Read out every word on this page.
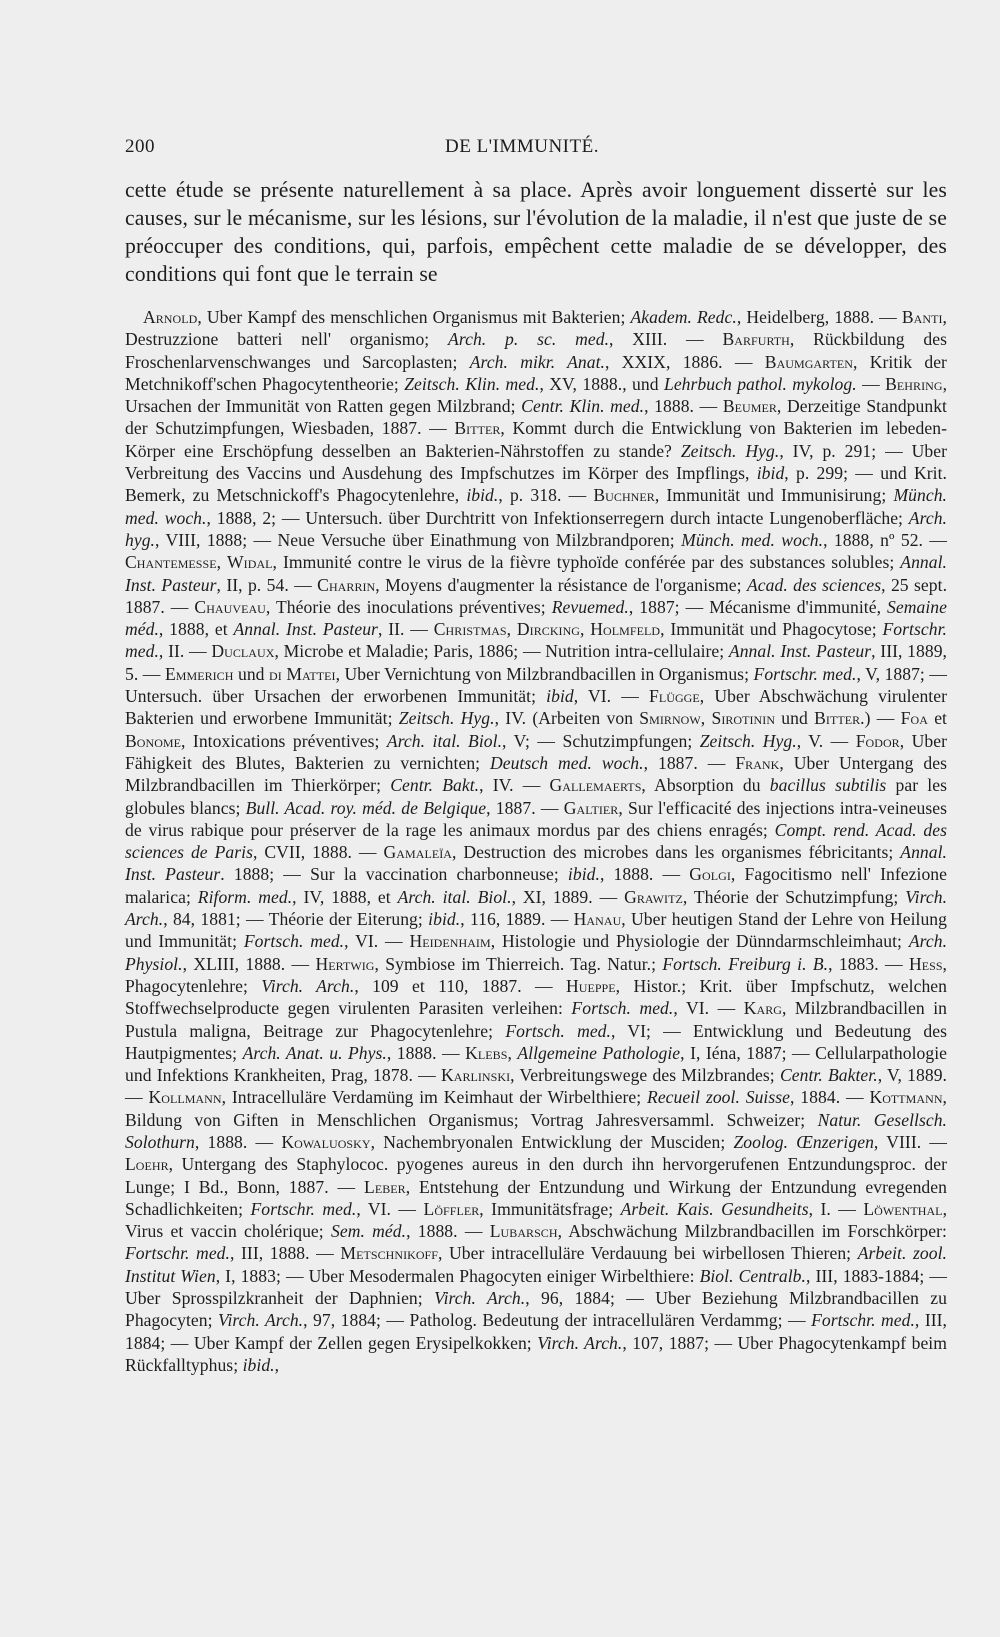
200	DE L'IMMUNITÉ.

cette étude se présente naturellement à sa place. Après avoir longuement dissertė sur les causes, sur le mécanisme, sur les lésions, sur l'évolution de la maladie, il n'est que juste de se préoccuper des conditions, qui, parfois, empêchent cette maladie de se développer, des conditions qui font que le terrain se

Arnold, Uber Kampf des menschlichen Organismus mit Bakterien; Akadem. Redc., Heidelberg, 1888. — Banti, Destruzzione batteri nell' organismo; Arch. p. sc. med., XIII. — Barfurth, Rückbildung des Froschenlarvenschwanges und Sarcoplasten; Arch. mikr. Anat., XXIX, 1886. — Baumgarten, Kritik der Metchnikoff'schen Phagocytentheorie; Zeitsch. Klin. med., XV, 1888., und Lehrbuch pathol. mykolog. — Behring, Ursachen der Immunität von Ratten gegen Milzbrand; Centr. Klin. med., 1888. — Beumer, Derzeitige Standpunkt der Schutzimpfungen, Wiesbaden, 1887. — Bitter, Kommt durch die Entwicklung von Bakterien im lebeden-Körper eine Erschöpfung desselben an Bakterien-Nährstoffen zu stande? Zeitsch. Hyg., IV, p. 291; — Uber Verbreitung des Vaccins und Ausdehung des Impfschutzes im Körper des Impflings, ibid, p. 299; — und Krit. Bemerk, zu Metschnickoff's Phagocytenlehre, ibid., p. 318. — Buchner, Immunität und Immunisirung; Münch. med. woch., 1888, 2; — Untersuch. über Durchtritt von Infektionserregern durch intacte Lungenoberfläche; Arch. hyg., VIII, 1888; — Neue Versuche über Einathmung von Milzbrandporen; Münch. med. woch., 1888, nº 52. — Chantemesse, Widal, Immunité contre le virus de la fièvre typhoïde conférée par des substances solubles; Annal. Inst. Pasteur, II, p. 54. — Charrin, Moyens d'augmenter la résistance de l'organisme; Acad. des sciences, 25 sept. 1887. — Chauveau, Théorie des inoculations préventives; Revuemed., 1887; — Mécanisme d'immunité, Semaine méd., 1888, et Annal. Inst. Pasteur, II. — Christmas, Dircking, Holmfeld, Immunität und Phagocytose; Fortschr. med., II. — Duclaux, Microbe et Maladie; Paris, 1886; — Nutrition intra-cellulaire; Annal. Inst. Pasteur, III, 1889, 5. — Emmerich und di Mattei, Uber Vernichtung von Milzbrandbacillen in Organismus; Fortschr. med., V, 1887; — Untersuch. über Ursachen der erworbenen Immunität; ibid, VI. — Flügge, Uber Abschwächung virulenter Bakterien und erworbene Immunität; Zeitsch. Hyg., IV. (Arbeiten von Smirnow, Sirotinin und Bitter.) — Foa et Bonome, Intoxications préventives; Arch. ital. Biol., V; — Schutzimpfungen; Zeitsch. Hyg., V. — Fodor, Uber Fähigkeit des Blutes, Bakterien zu vernichten; Deutsch med. woch., 1887. — Frank, Uber Untergang des Milzbrandbacillen im Thierkörper; Centr. Bakt., IV. — Gallemaerts, Absorption du bacillus subtilis par les globules blancs; Bull. Acad. roy. méd. de Belgique, 1887. — Galtier, Sur l'efficacité des injections intra-veineuses de virus rabique pour préserver de la rage les animaux mordus par des chiens enragés; Compt. rend. Acad. des sciences de Paris, CVII, 1888. — Gamaleïa, Destruction des microbes dans les organismes fébricitants; Annal. Inst. Pasteur. 1888; — Sur la vaccination charbonneuse; ibid., 1888. — Golgi, Fagocitismo nell' Infezione malarica; Riform. med., IV, 1888, et Arch. ital. Biol., XI, 1889. — Grawitz, Théorie der Schutzimpfung; Virch. Arch., 84, 1881; — Théorie der Eiterung; ibid., 116, 1889. — Hanau, Uber heutigen Stand der Lehre von Heilung und Immunität; Fortsch. med., VI. — Heidenhaim, Histologie und Physiologie der Dünndarmschleimhaut; Arch. Physiol., XLIII, 1888. — Hertwig, Symbiose im Thierreich. Tag. Natur.; Fortsch. Freiburg i. B., 1883. — Hess, Phagocytenlehre; Virch. Arch., 109 et 110, 1887. — Hueppe, Histor.; Krit. über Impfschutz, welchen Stoffwechselproducte gegen virulenten Parasiten verleihen: Fortsch. med., VI. — Karg, Milzbrandbacillen in Pustula maligna, Beitrage zur Phagocytenlehre; Fortsch. med., VI; — Entwicklung und Bedeutung des Hautpigmentes; Arch. Anat. u. Phys., 1888. — Klebs, Allgemeine Pathologie, I, Iéna, 1887; — Cellularpathologie und Infektions Krankheiten, Prag, 1878. — Karlinski, Verbreitungswege des Milzbrandes; Centr. Bakter., V, 1889. — Kollmann, Intracelluläre Verdamüng im Keimhaut der Wirbelthiere; Recueil zool. Suisse, 1884. — Kottmann, Bildung von Giften in Menschlichen Organismus; Vortrag Jahresversamml. Schweizer; Natur. Gesellsch. Solothurn, 1888. — Kowaluosky, Nachembryonalen Entwicklung der Musciden; Zoolog. Œnzerigen, VIII. — Loehr, Untergang des Staphylococ. pyogenes aureus in den durch ihn hervorgerufenen Entzundungsproc. der Lunge; I Bd., Bonn, 1887. — Leber, Entstehung der Entzundung und Wirkung der Entzundung evregenden Schadlichkeiten; Fortschr. med., VI. — Löffler, Immunitätsfrage; Arbeit. Kais. Gesundheits, I. — Löwenthal, Virus et vaccin cholérique; Sem. méd., 1888. — Lubarsch, Abschwächung Milzbrandbacillen im Forschkörper: Fortschr. med., III, 1888. — Metschnikoff, Uber intracelluläre Verdauung bei wirbellosen Thieren; Arbeit. zool. Institut Wien, I, 1883; — Uber Mesodermalen Phagocyten einiger Wirbelthiere: Biol. Centralb., III, 1883-1884; — Uber Sprosspilzkranheit der Daphnien; Virch. Arch., 96, 1884; — Uber Beziehung Milzbrandbacillen zu Phagocyten; Virch. Arch., 97, 1884; — Patholog. Bedeutung der intracellulären Verdammg; — Fortschr. med., III, 1884; — Uber Kampf der Zellen gegen Erysipelkokken; Virch. Arch., 107, 1887; — Uber Phagocytenkampf beim Rückfalltyphus; ibid.,
